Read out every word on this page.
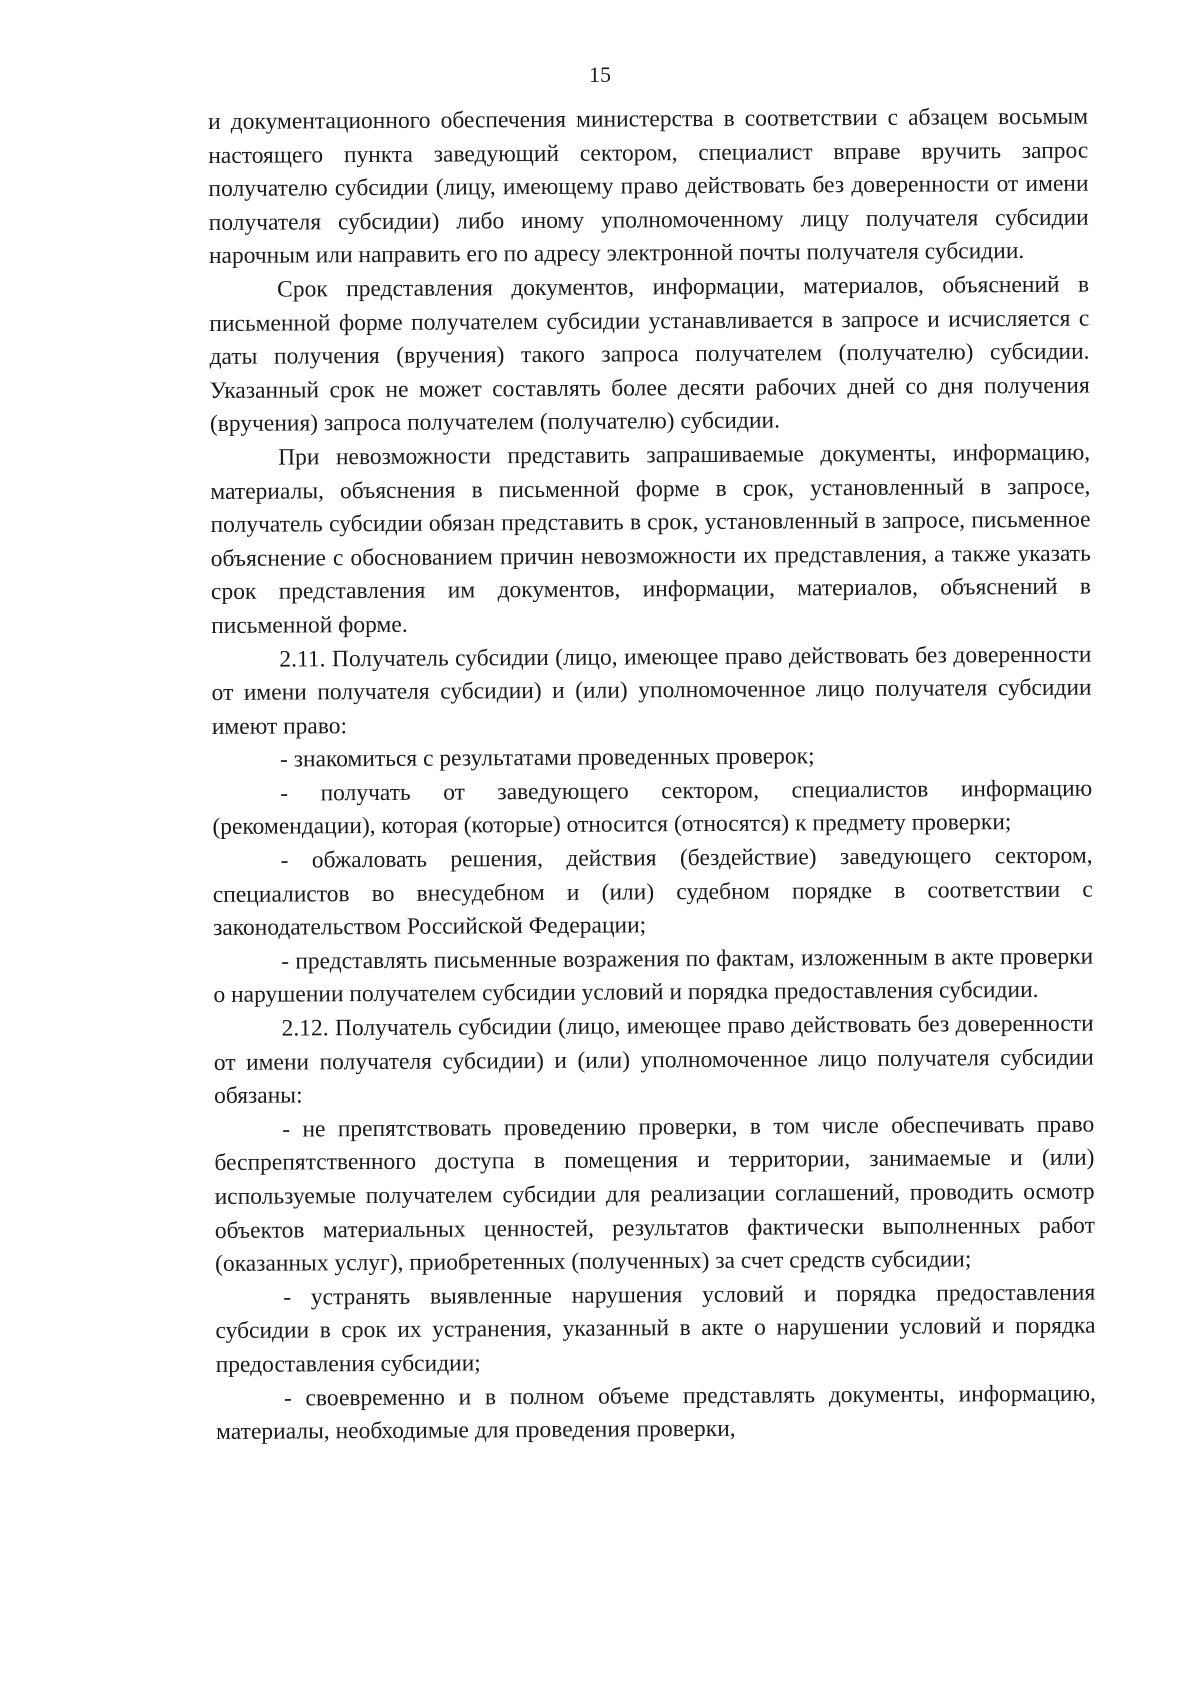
15

и документационного обеспечения министерства в соответствии с абзацем восьмым настоящего пункта заведующий сектором, специалист вправе вручить запрос получателю субсидии (лицу, имеющему право действовать без доверенности от имени получателя субсидии) либо иному уполномоченному лицу получателя субсидии нарочным или направить его по адресу электронной почты получателя субсидии.

Срок представления документов, информации, материалов, объяснений в письменной форме получателем субсидии устанавливается в запросе и исчисляется с даты получения (вручения) такого запроса получателем (получателю) субсидии. Указанный срок не может составлять более десяти рабочих дней со дня получения (вручения) запроса получателем (получателю) субсидии.

При невозможности представить запрашиваемые документы, информацию, материалы, объяснения в письменной форме в срок, установленный в запросе, получатель субсидии обязан представить в срок, установленный в запросе, письменное объяснение с обоснованием причин невозможности их представления, а также указать срок представления им документов, информации, материалов, объяснений в письменной форме.

2.11. Получатель субсидии (лицо, имеющее право действовать без доверенности от имени получателя субсидии) и (или) уполномоченное лицо получателя субсидии имеют право:

- знакомиться с результатами проведенных проверок;

- получать от заведующего сектором, специалистов информацию (рекомендации), которая (которые) относится (относятся) к предмету проверки;

- обжаловать решения, действия (бездействие) заведующего сектором, специалистов во внесудебном и (или) судебном порядке в соответствии с законодательством Российской Федерации;

- представлять письменные возражения по фактам, изложенным в акте проверки о нарушении получателем субсидии условий и порядка предоставления субсидии.

2.12. Получатель субсидии (лицо, имеющее право действовать без доверенности от имени получателя субсидии) и (или) уполномоченное лицо получателя субсидии обязаны:

- не препятствовать проведению проверки, в том числе обеспечивать право беспрепятственного доступа в помещения и территории, занимаемые и (или) используемые получателем субсидии для реализации соглашений, проводить осмотр объектов материальных ценностей, результатов фактически выполненных работ (оказанных услуг), приобретенных (полученных) за счет средств субсидии;

- устранять выявленные нарушения условий и порядка предоставления субсидии в срок их устранения, указанный в акте о нарушении условий и порядка предоставления субсидии;

- своевременно и в полном объеме представлять документы, информацию, материалы, необходимые для проведения проверки,
